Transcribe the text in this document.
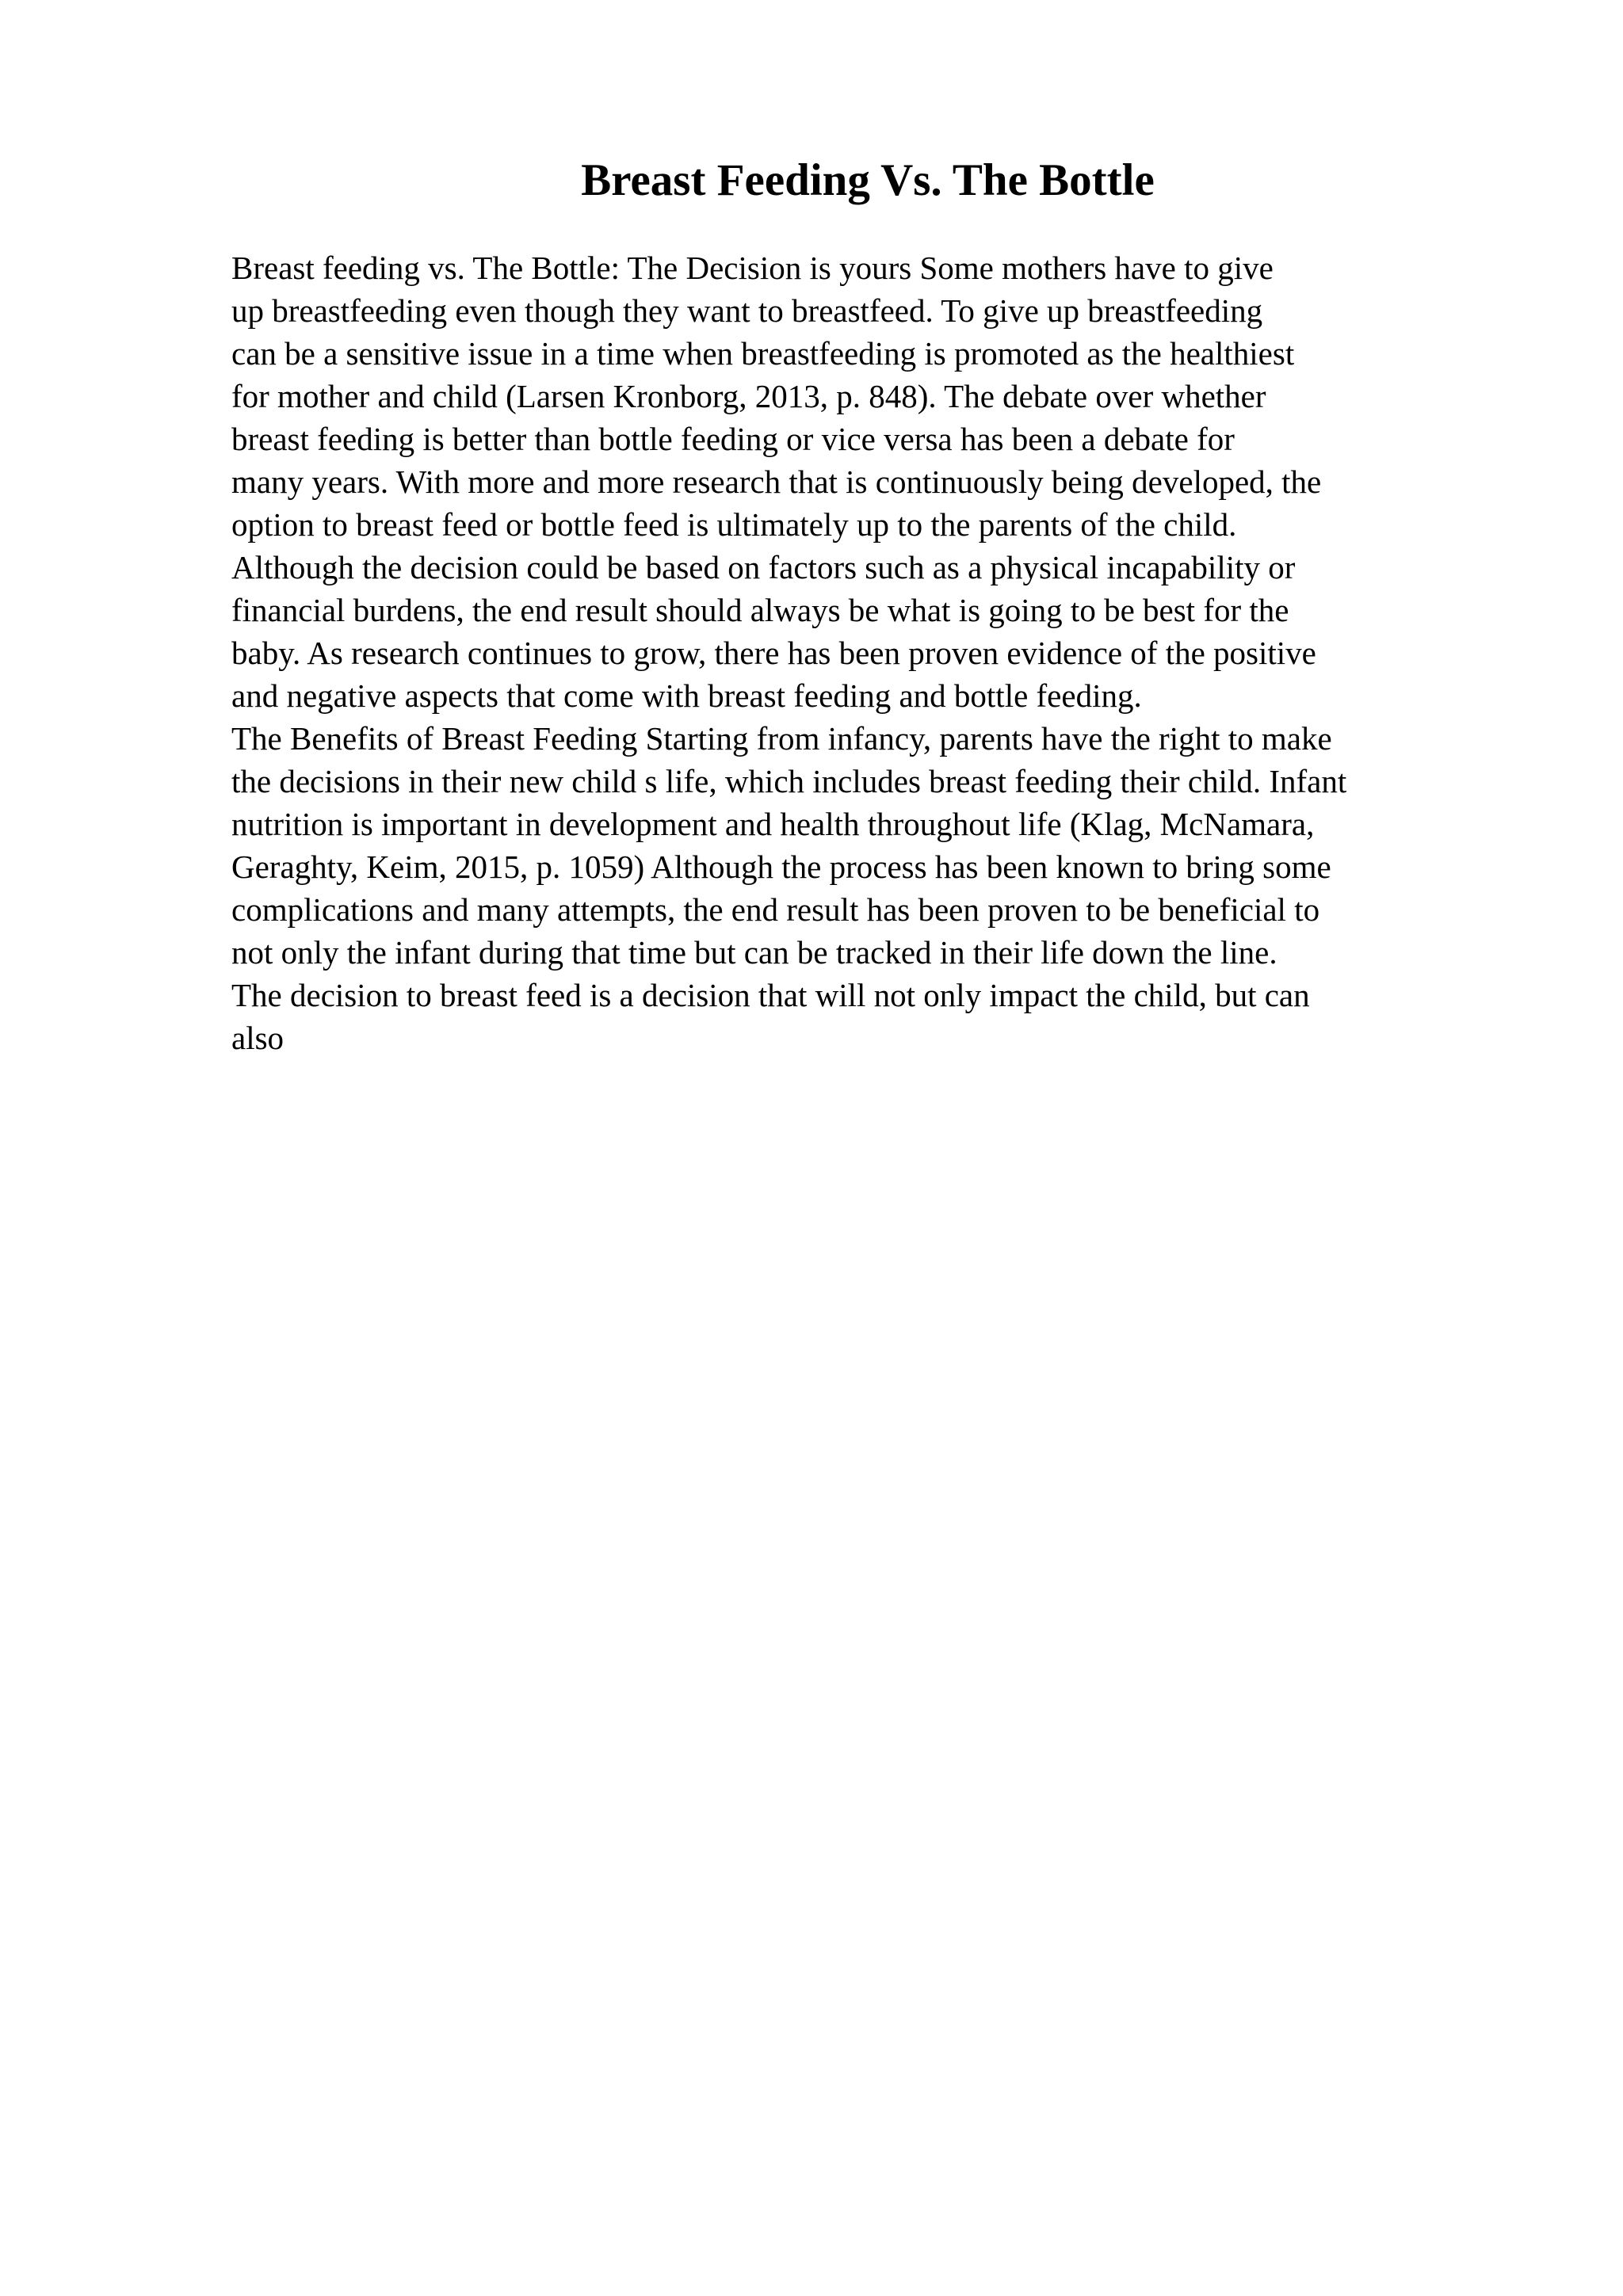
Breast Feeding Vs. The Bottle
Breast feeding vs. The Bottle: The Decision is yours Some mothers have to give
up breastfeeding even though they want to breastfeed. To give up breastfeeding
can be a sensitive issue in a time when breastfeeding is promoted as the healthiest
for mother and child (Larsen Kronborg, 2013, p. 848). The debate over whether
breast feeding is better than bottle feeding or vice versa has been a debate for
many years. With more and more research that is continuously being developed, the
option to breast feed or bottle feed is ultimately up to the parents of the child.
Although the decision could be based on factors such as a physical incapability or
financial burdens, the end result should always be what is going to be best for the
baby. As research continues to grow, there has been proven evidence of the positive
and negative aspects that come with breast feeding and bottle feeding.
The Benefits of Breast Feeding Starting from infancy, parents have the right to make
the decisions in their new child s life, which includes breast feeding their child. Infant
nutrition is important in development and health throughout life (Klag, McNamara,
Geraghty, Keim, 2015, p. 1059) Although the process has been known to bring some
complications and many attempts, the end result has been proven to be beneficial to
not only the infant during that time but can be tracked in their life down the line.
The decision to breast feed is a decision that will not only impact the child, but can
also
